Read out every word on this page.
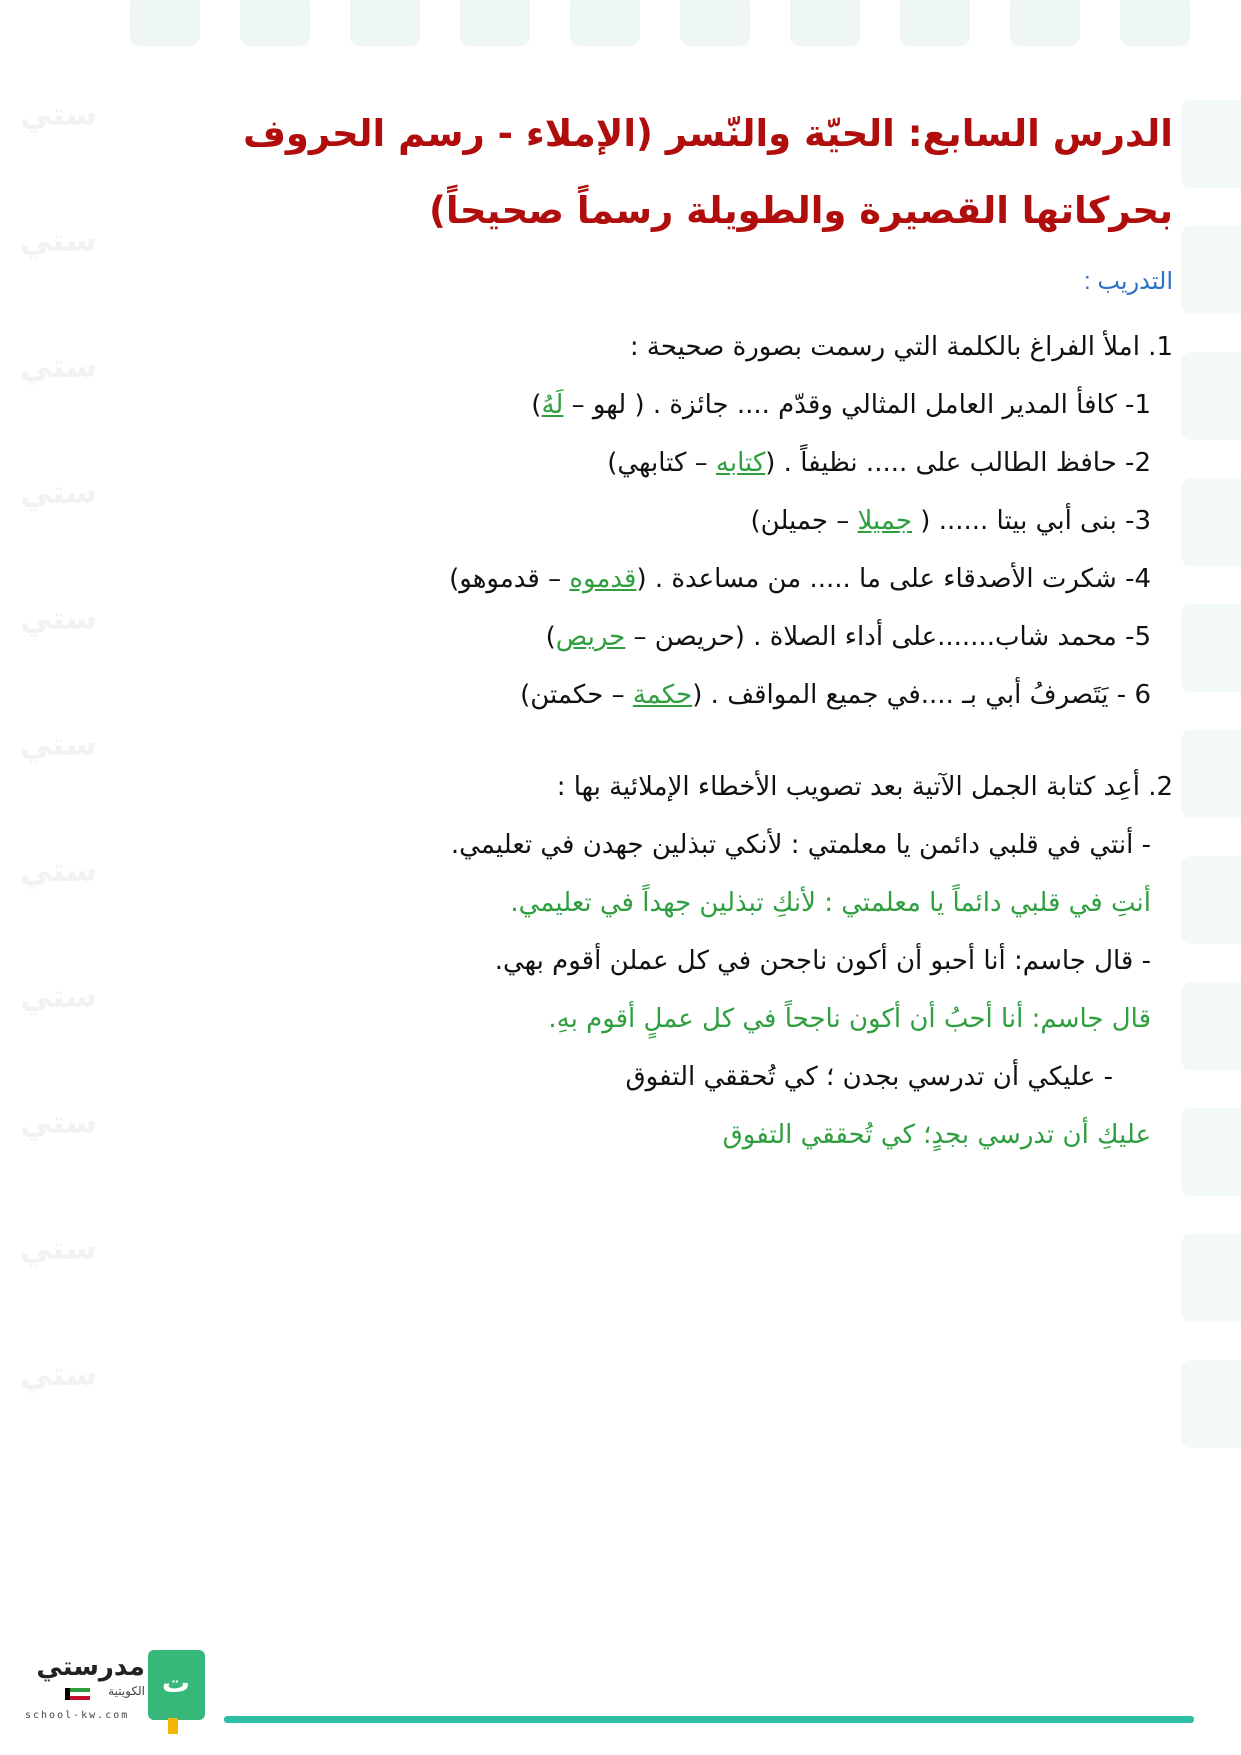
ستي
ستي
ستي
ستي
ستي
ستي
ستي
ستي
ستي
ستي
ستي
الدرس السابع: الحيّة والنّسر (الإملاء - رسم الحروف بحركاتها القصيرة والطويلة رسماً صحيحاً)
التدريب :
1. املأ الفراغ بالكلمة التي رسمت بصورة صحيحة :
1- كافأ المدير العامل المثالي وقدّم .... جائزة . ( لهو – لَهُ)
2- حافظ الطالب على ..... نظيفاً . (كتابه – كتابهي)
3- بنى أبي بيتا ...... ( جميلا – جميلن)
4- شكرت الأصدقاء على ما ..... من مساعدة . (قدموه – قدموهو)
5- محمد شاب.......على أداء الصلاة . (حريصن – حريص)
6 - يَتَصرفُ أبي بـ ....في جميع المواقف . (حكمة – حكمتن)
2. أعِد كتابة الجمل الآتية بعد تصويب الأخطاء الإملائية بها :
- أنتي في قلبي دائمن يا معلمتي : لأنكي تبذلين جهدن في تعليمي.
أنتِ في قلبي دائماً يا معلمتي : لأنكِ تبذلين جهداً في تعليمي.
- قال جاسم: أنا أحبو أن أكون ناجحن في كل عملن أقوم بهي.
قال جاسم: أنا أحبُ أن أكون ناجحاً في كل عملٍ أقوم بهِ.
- عليكي أن تدرسي بجدن ؛ كي تُحققي التفوق
عليكِ أن تدرسي بجدٍ؛ كي تُحققي التفوق
مدرستي
الكويتية
school-kw.com
ت
